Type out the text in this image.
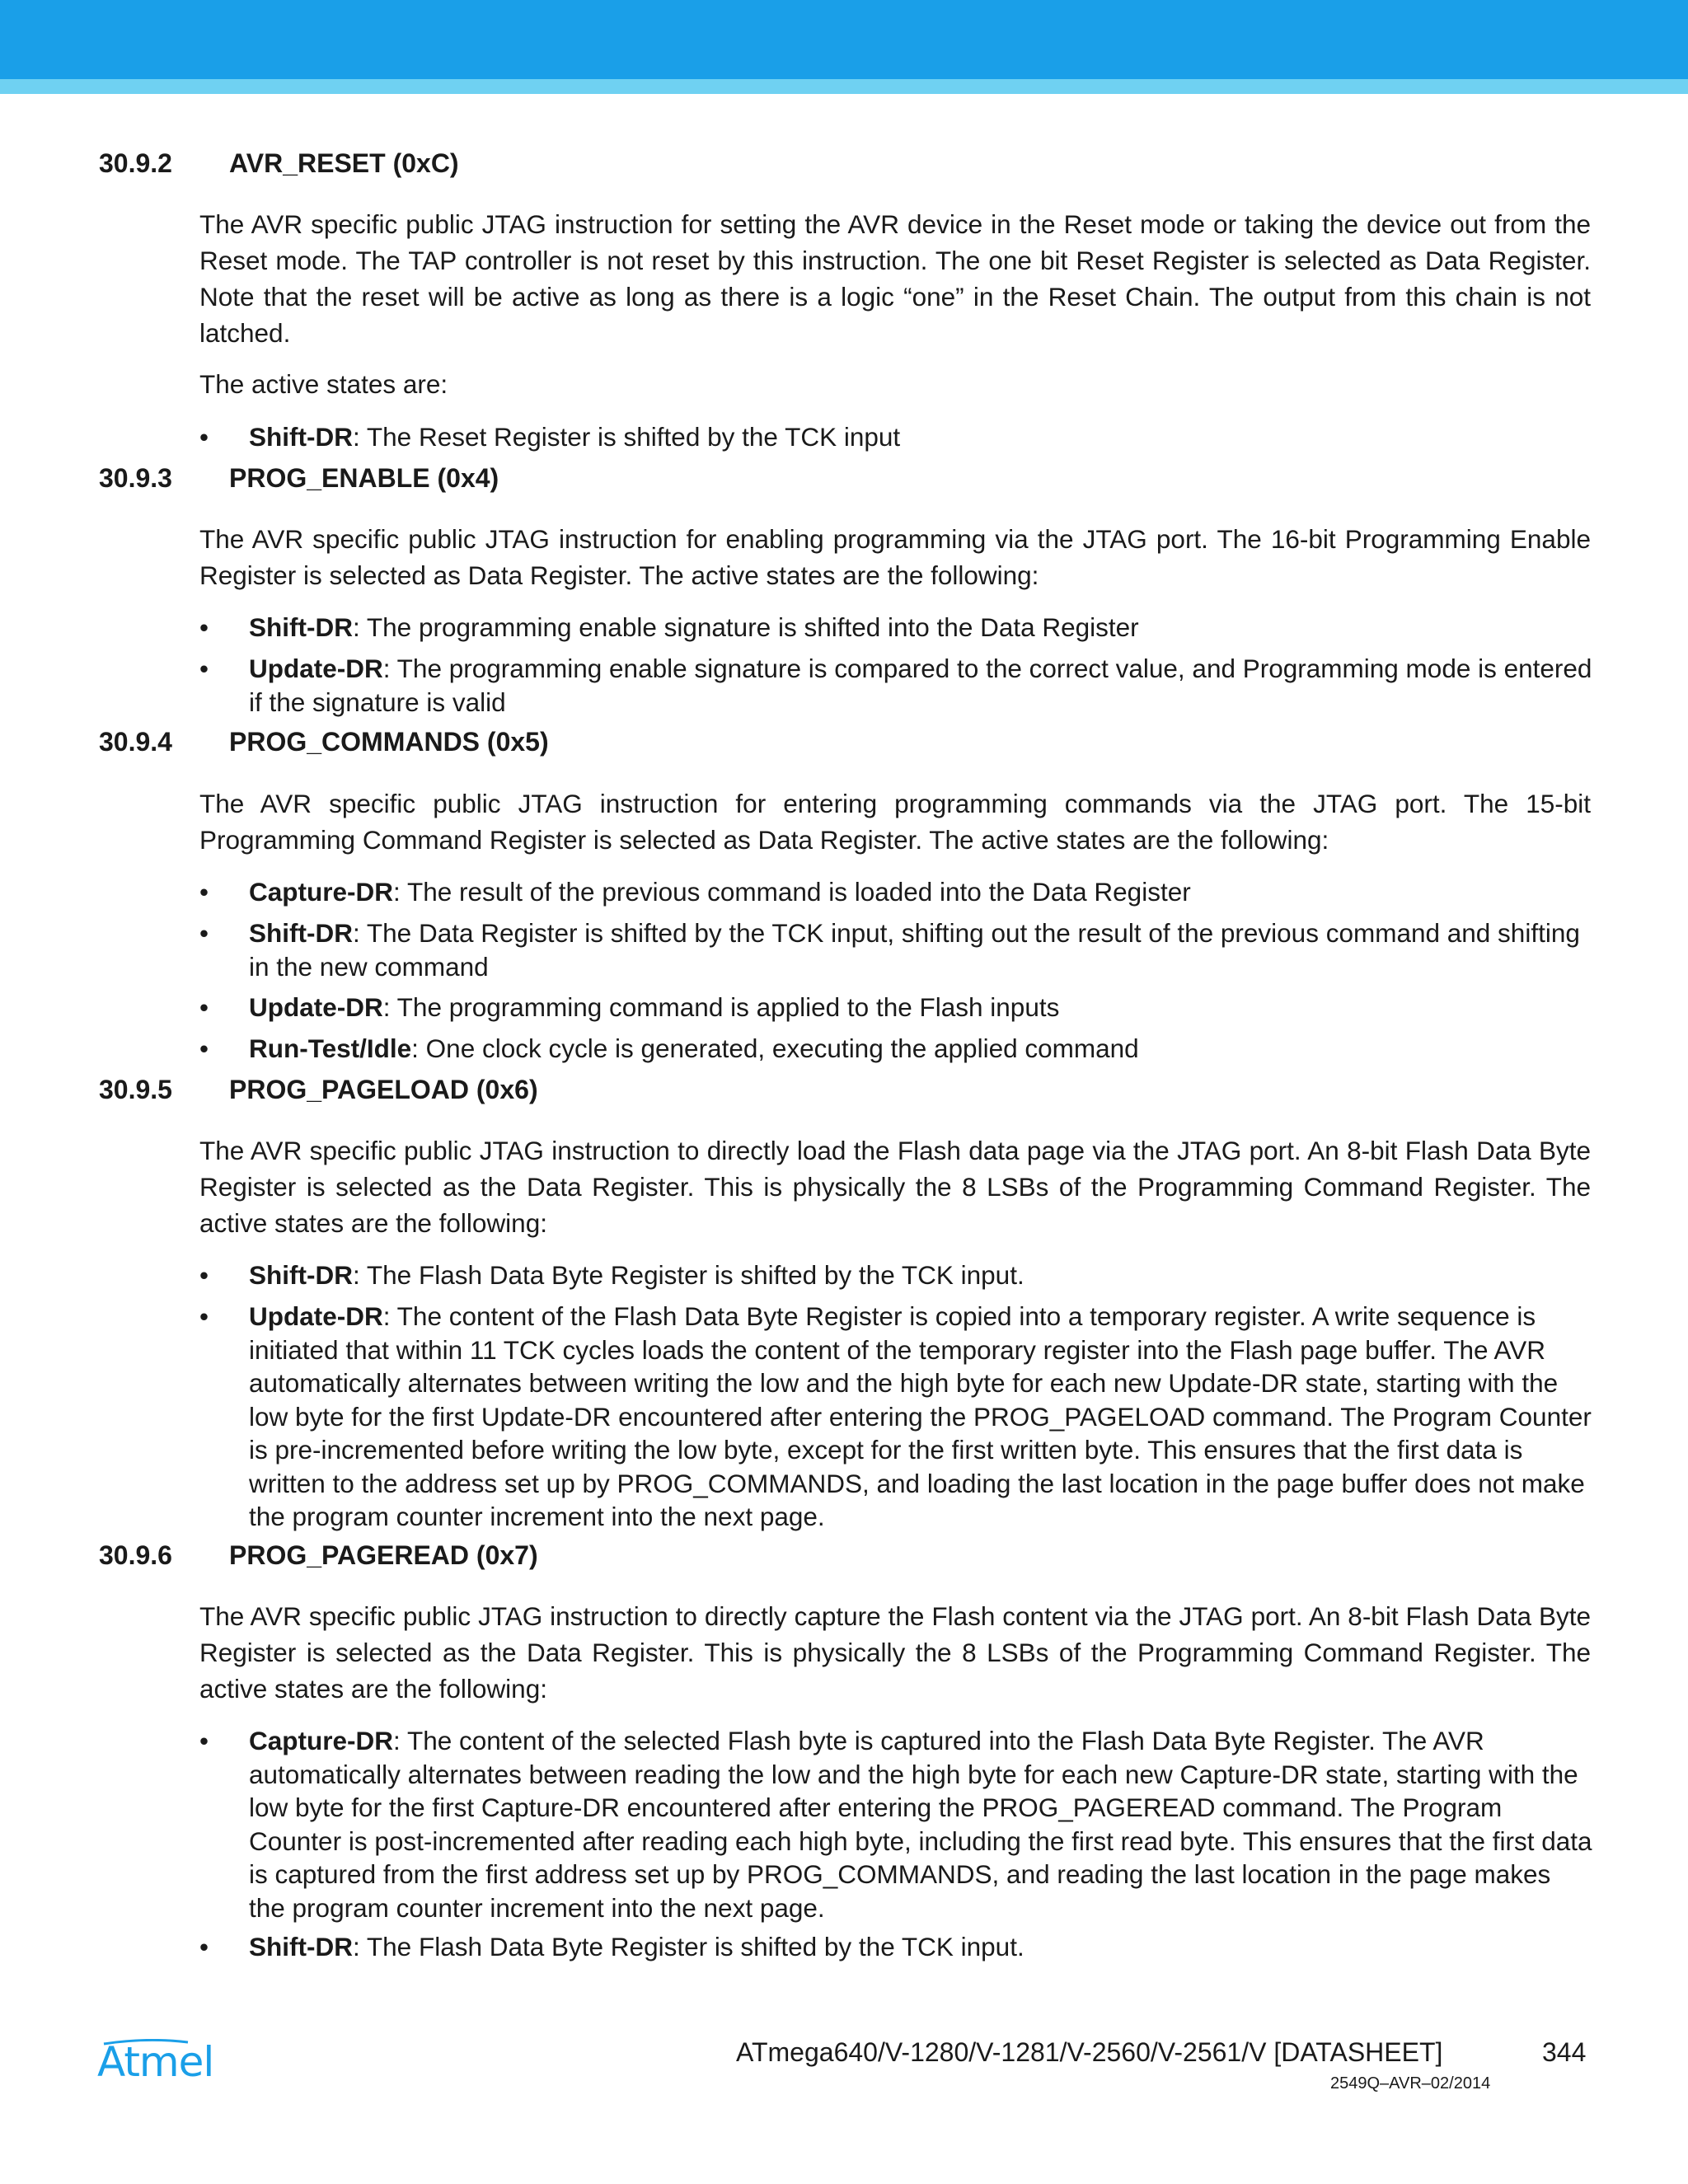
30.9.2 AVR_RESET (0xC)

The AVR specific public JTAG instruction for setting the AVR device in the Reset mode or taking the device out from the Reset mode. The TAP controller is not reset by this instruction. The one bit Reset Register is selected as Data Register. Note that the reset will be active as long as there is a logic “one” in the Reset Chain. The output from this chain is not latched.

The active states are:

•	Shift-DR: The Reset Register is shifted by the TCK input
30.9.3 PROG_ENABLE (0x4)

The AVR specific public JTAG instruction for enabling programming via the JTAG port. The 16-bit Programming Enable Register is selected as Data Register. The active states are the following:

•	Shift-DR: The programming enable signature is shifted into the Data Register
•	Update-DR: The programming enable signature is compared to the correct value, and Programming mode is entered if the signature is valid
30.9.4 PROG_COMMANDS (0x5)

The AVR specific public JTAG instruction for entering programming commands via the JTAG port. The 15-bit Programming Command Register is selected as Data Register. The active states are the following:

•	Capture-DR: The result of the previous command is loaded into the Data Register
•	Shift-DR: The Data Register is shifted by the TCK input, shifting out the result of the previous command and shifting in the new command
•	Update-DR: The programming command is applied to the Flash inputs
•	Run-Test/Idle: One clock cycle is generated, executing the applied command
30.9.5 PROG_PAGELOAD (0x6)

The AVR specific public JTAG instruction to directly load the Flash data page via the JTAG port. An 8-bit Flash Data Byte Register is selected as the Data Register. This is physically the 8 LSBs of the Programming Command Register. The active states are the following:

•	Shift-DR: The Flash Data Byte Register is shifted by the TCK input.
•	Update-DR: The content of the Flash Data Byte Register is copied into a temporary register. A write sequence is initiated that within 11 TCK cycles loads the content of the temporary register into the Flash page buffer. The AVR automatically alternates between writing the low and the high byte for each new Update-DR state, starting with the low byte for the first Update-DR encountered after entering the PROG_PAGELOAD command. The Program Counter is pre-incremented before writing the low byte, except for the first written byte. This ensures that the first data is written to the address set up by PROG_COMMANDS, and loading the last location in the page buffer does not make the program counter increment into the next page.
30.9.6 PROG_PAGEREAD (0x7)

The AVR specific public JTAG instruction to directly capture the Flash content via the JTAG port. An 8-bit Flash Data Byte Register is selected as the Data Register. This is physically the 8 LSBs of the Programming Command Register. The active states are the following:

•	Capture-DR: The content of the selected Flash byte is captured into the Flash Data Byte Register. The AVR automatically alternates between reading the low and the high byte for each new Capture-DR state, starting with the low byte for the first Capture-DR encountered after entering the PROG_PAGEREAD command. The Program Counter is post-incremented after reading each high byte, including the first read byte. This ensures that the first data is captured from the first address set up by PROG_COMMANDS, and reading the last location in the page makes the program counter increment into the next page.
•	Shift-DR: The Flash Data Byte Register is shifted by the TCK input.
Atmel	ATmega640/V-1280/V-1281/V-2560/V-2561/V [DATASHEET]	344
2549Q–AVR–02/2014
